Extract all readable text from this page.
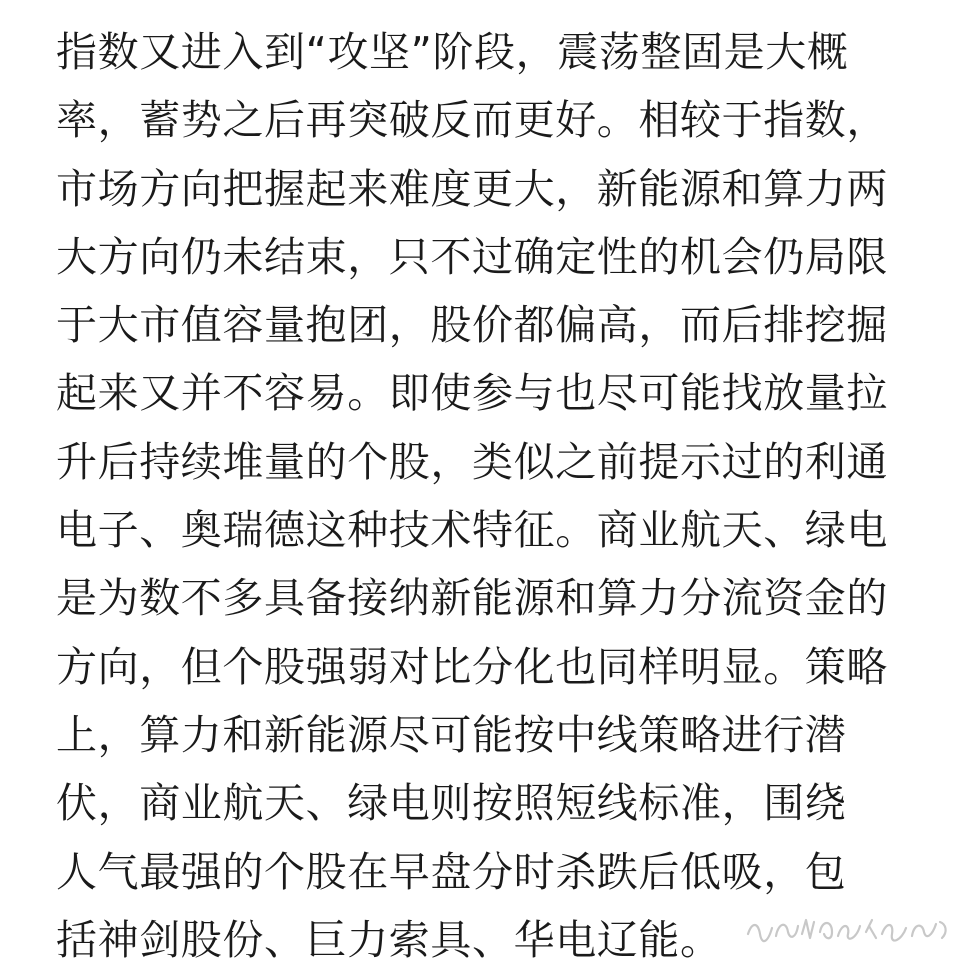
指数又进入到“攻坚”阶段，震荡整固是大概
率，蓄势之后再突破反而更好。相较于指数，
市场方向把握起来难度更大，新能源和算力两
大方向仍未结束，只不过确定性的机会仍局限
于大市值容量抱团，股价都偏高，而后排挖掘
起来又并不容易。即使参与也尽可能找放量拉
升后持续堆量的个股，类似之前提示过的利通
电子、奥瑞德这种技术特征。商业航天、绿电
是为数不多具备接纳新能源和算力分流资金的
方向，但个股强弱对比分化也同样明显。策略
上，算力和新能源尽可能按中线策略进行潜
伏，商业航天、绿电则按照短线标准，围绕
人气最强的个股在早盘分时杀跌后低吸，包
括神剑股份、巨力索具、华电辽能。
